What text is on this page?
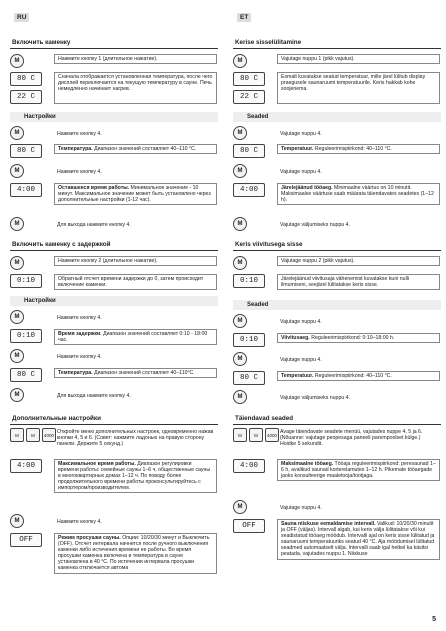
5
RU
Включить каменку
M	Нажмите кнопку 1 (длительное нажатие).
80 C
22 C
Сначала отображается установленная температура, после чего дисплей переключается на текущую температуру в сауне. Печь немедленно начинает нагрев.
Настройки
M	Нажмите кнопку 4.
80 C	Температура. Диапазон значений составляет 40–110 °C.
M	Нажмите кнопку 4.
4:00	Оставшееся время работы. Минимальное значение - 10 минут. Максимальное значение может быть установлено через дополнительные настройки (1-12 час).
M	Для выхода нажмите кнопку 4.
Включить каменку с задержкой
M	Нажмите кнопку 2 (длительное нажатие).
0:10	Обратный отсчет времени задержки до 0, затем происходит включение каменки.
Настройки
M	Нажмите кнопку 4.
0:10	Время задержки. Диапазон значений составляет 0:10 - 18:00 час.
M	Нажмите кнопку 4.
80 C	Температура. Диапазон значений составляет 40–110°C.
M	Для выхода нажмите кнопку 4.
Дополнительные настройки
M	M	4000 Откройте меню дополнительных настроек, одновременно нажав кнопки 4, 5 и 6. (Совет: нажмите ладонью на правую сторону панели. Держите 5 секунд.)
4:00	Максимальное время работы. Диапазон регулировки времени работы: семейные сауны 1–6 ч, общественные сауны в многоквартирных домах 1–12 ч. По поводу более продолжительного времени работы проконсультируйтесь с импортером/производителем.
M	Нажмите кнопку 4.
OFF	Режим просушки сауны. Опции: 10/20/30 минут и Выключить (OFF). Отсчет интервала начнется после ручного выключения каменки либо истечения времени ее работы. Во время просушки каменка включена и температура в сауне установлена в 40 °C. По истечении интервала просушки каменка отключается автома
ET
Kerise sisselülitamine
M	Vajutage nuppu 1 (pikk vajutus).
80 C
22 C
Esmalt kuvatakse seatud temperatuur, mille järel lülitub display praegusele saunaruumi temperatuurile. Keris hakkab kohe soojenema.
Seaded
M	Vajutage nuppu 4.
80 C	Temperatuur. Reguleerimispiirkond: 40–110 °C.
M	Vajutage nuppu 4.
4:00	Järelejäänud tööaeg. Minimaalne väärtus on 10 minutit. Maksimaalse väärtuse saab määrata täiendavates seadetes (1–12 h).
M	Vajutage väljumiseks nuppu 4.
Keris viivitusega sisse
M	Vajutage nuppu 2 (pikk vajutus).
0:10	Järelejäänud viivitusaja vähenemist kuvatakse kuni nulli ilmumiseni, seejärel lülitatakse keris sisse.
Seaded
M	Vajutage nuppu 4.
0:10	Viivitusaeg. Reguleerimispiirkond: 0:10–18:00 h.
M	Vajutage nuppu 4.
80 C	Temperatuur. Reguleerimispiirkond: 40–110 °C.
M	Vajutage väljumiseks nuppu 4.
Täiendavad seaded
M	M	4000 Avage täiendavate seadete menüü, vajutades nuppe 4, 5 ja 6. (Nõuanne: vajutage peopesaga paneeli parempoolset külge.) Hoidke 5 sekundit.
4:00	Maksimaalne tööaeg. Tööaja reguleerimispiirkond: peresaunad 1–6 h, avalikud saunad korterelamutes 1–12 h. Pikemate tööaegade jaoks konsulteerige maaletooja/tootjaga.
M	Vajutage nuppu 4.
OFF	Sauna niiskuse eemaldamise intervall. Valikud: 10/20/30 minutit ja OFF (väljas). Intervall algab, kui keris välja lülitatakse või kui seadistatud tööaeg möödub. Intervalli ajal on keris sisse lülitatud ja saunaruumi temperatuuriks seatud 40 °C. Aja möödumisel lülitatud seadmed automaatselt välja. Intervalli saab igal hetkel ka käsitsi peatada, vajutades nuppu 1. Niiskuse
